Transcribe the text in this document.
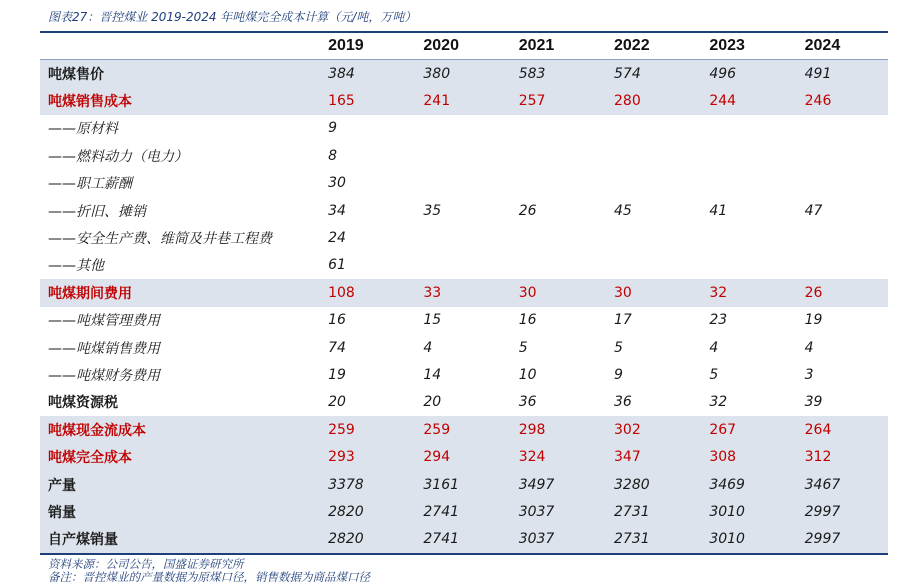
图表27：晋控煤业 2019-2024 年吨煤完全成本计算（元/吨，万吨）
	2019	2020	2021	2022	2023	2024
吨煤售价	384	380	583	574	496	491
吨煤销售成本	165	241	257	280	244	246
——原材料	9					
——燃料动力（电力）	8					
——职工薪酬	30					
——折旧、摊销	34	35	26	45	41	47
——安全生产费、维简及井巷工程费	24					
——其他	61					
吨煤期间费用	108	33	30	30	32	26
——吨煤管理费用	16	15	16	17	23	19
——吨煤销售费用	74	4	5	5	4	4
——吨煤财务费用	19	14	10	9	5	3
吨煤资源税	20	20	36	36	32	39
吨煤现金流成本	259	259	298	302	267	264
吨煤完全成本	293	294	324	347	308	312
产量	3378	3161	3497	3280	3469	3467
销量	2820	2741	3037	2731	3010	2997
自产煤销量	2820	2741	3037	2731	3010	2997
资料来源：公司公告，国盛证券研究所
备注：晋控煤业的产量数据为原煤口径，销售数据为商品煤口径
